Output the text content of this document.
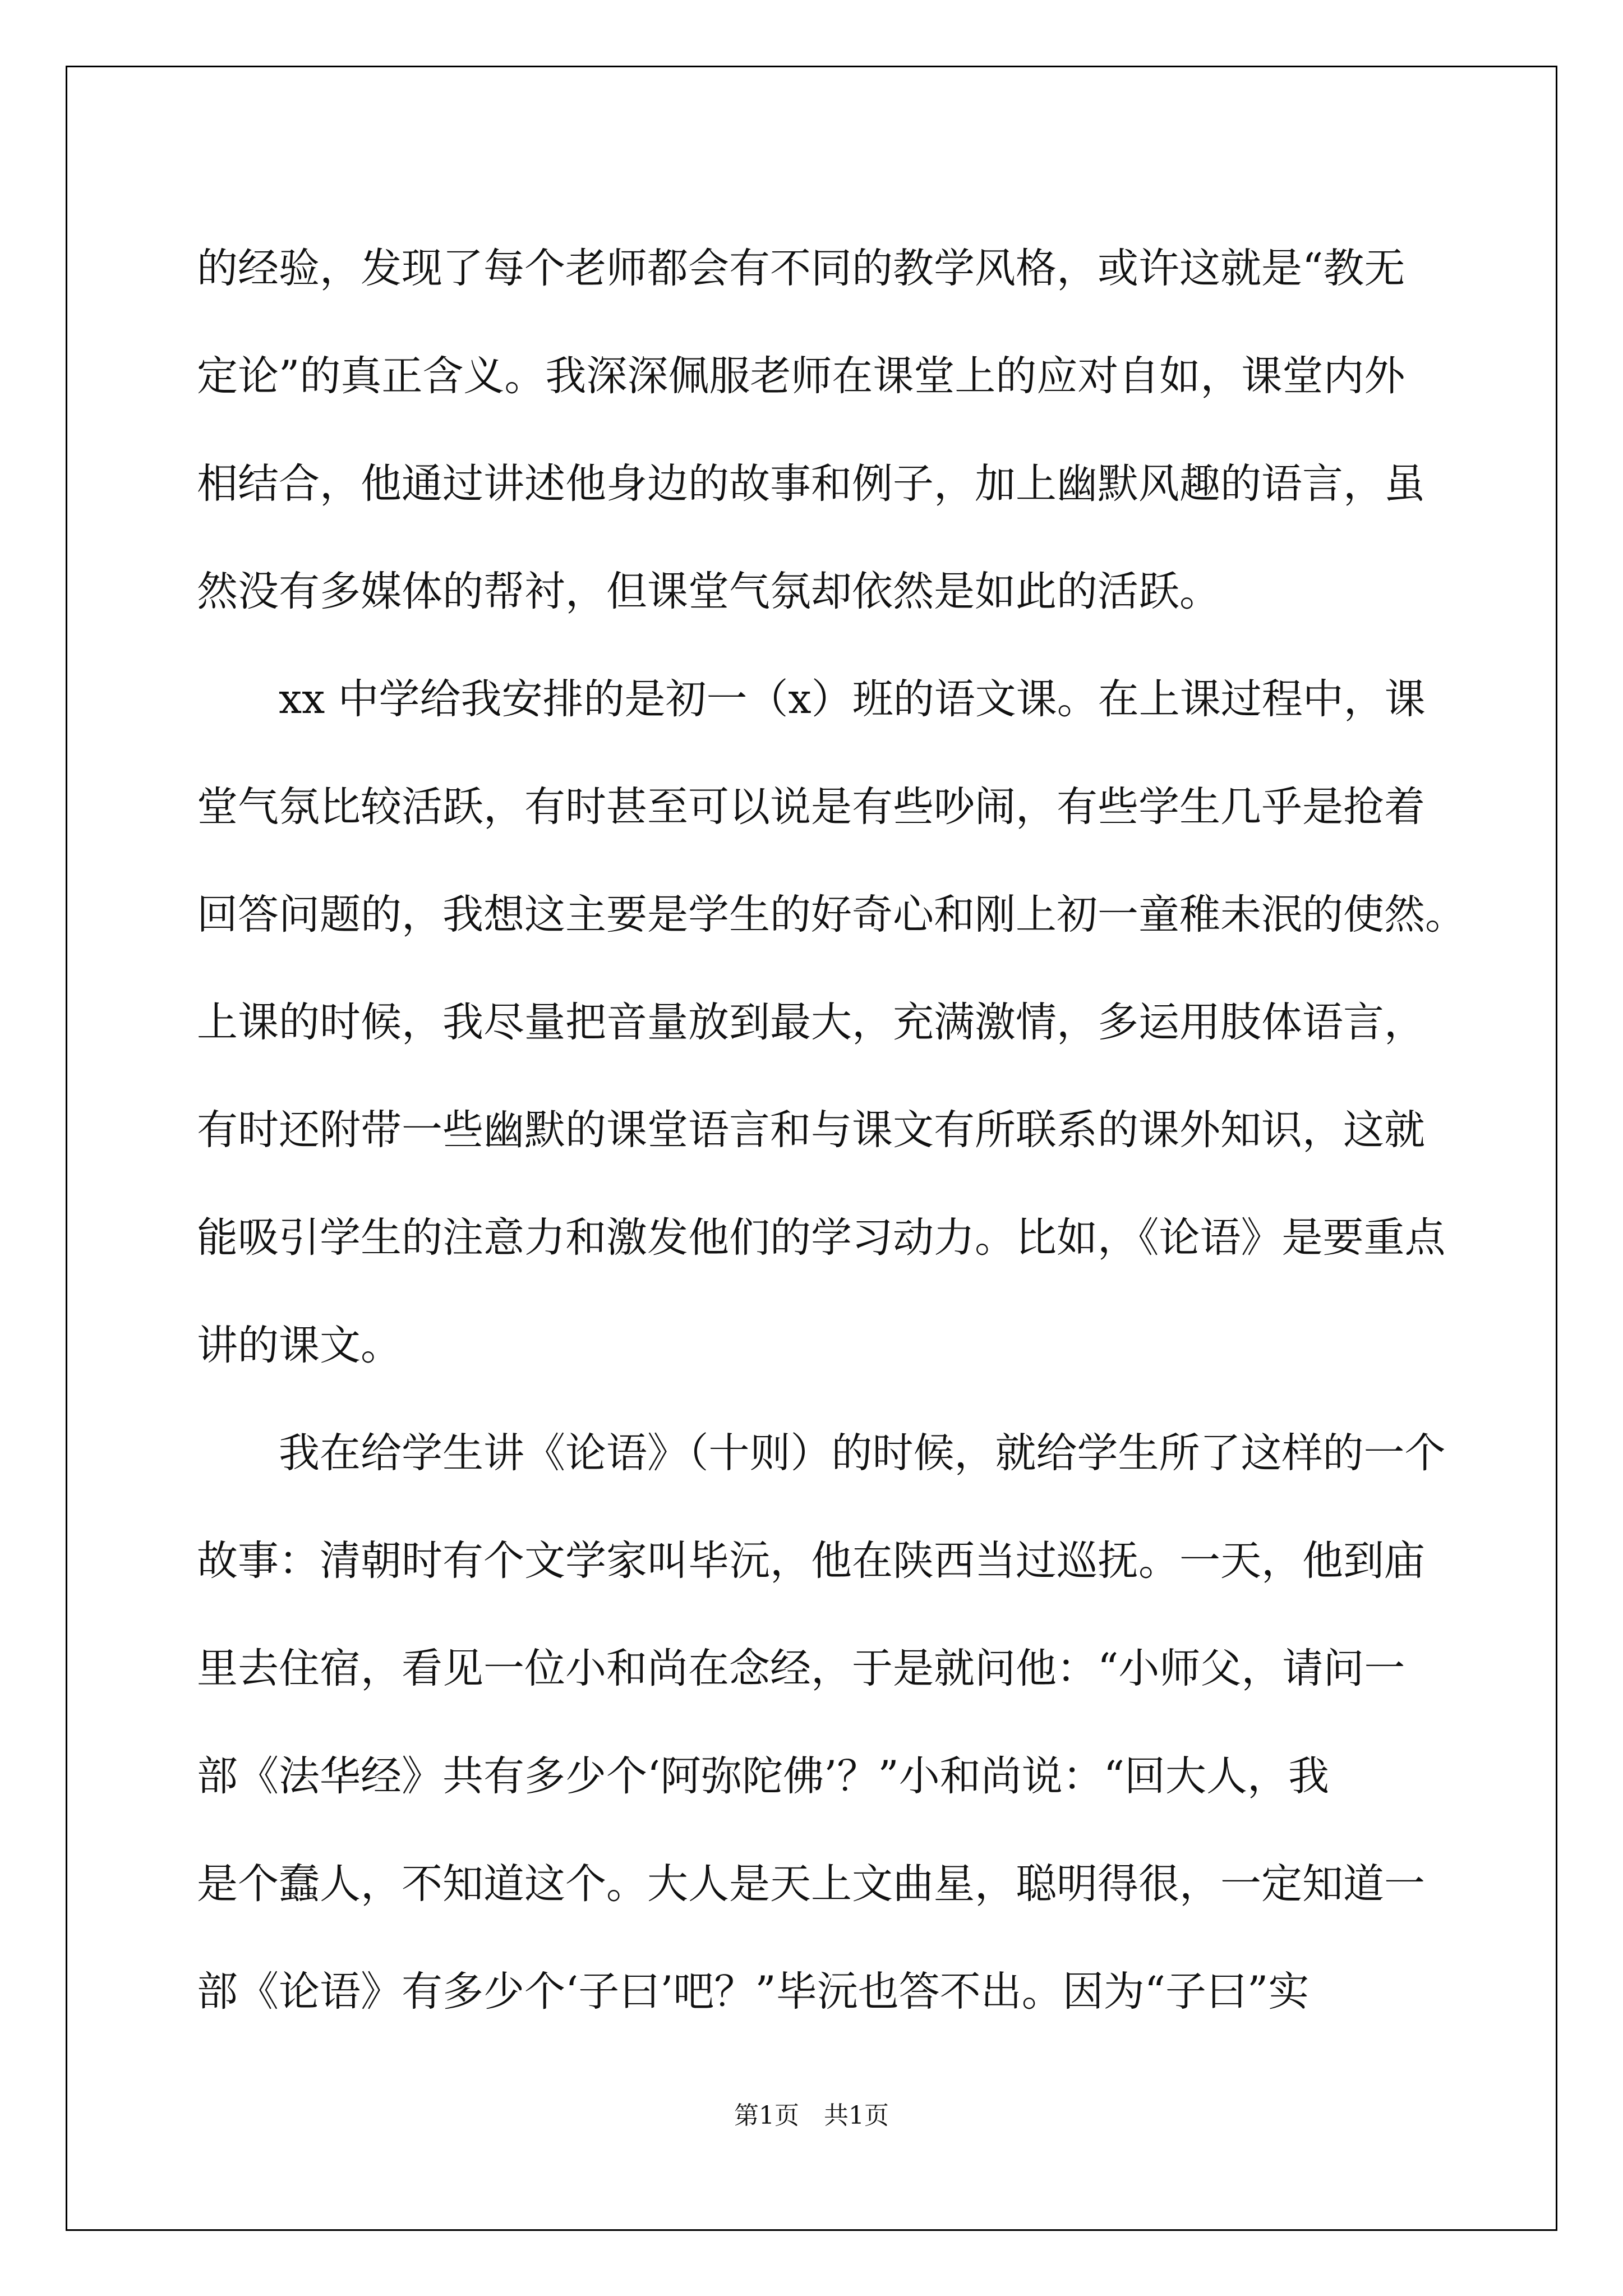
的经验，发现了每个老师都会有不同的教学风格，或许这就是“教无
定论”的真正含义。我深深佩服老师在课堂上的应对自如，课堂内外
相结合，他通过讲述他身边的故事和例子，加上幽默风趣的语言，虽
然没有多媒体的帮衬，但课堂气氛却依然是如此的活跃。
xx 中学给我安排的是初一（x）班的语文课。在上课过程中，课
堂气氛比较活跃，有时甚至可以说是有些吵闹，有些学生几乎是抢着
回答问题的，我想这主要是学生的好奇心和刚上初一童稚未泯的使然。
上课的时候，我尽量把音量放到最大，充满激情，多运用肢体语言，
有时还附带一些幽默的课堂语言和与课文有所联系的课外知识，这就
能吸引学生的注意力和激发他们的学习动力。比如，《论语》是要重点
讲的课文。
我在给学生讲《论语》（十则）的时候，就给学生所了这样的一个
故事：清朝时有个文学家叫毕沅，他在陕西当过巡抚。一天，他到庙
里去住宿，看见一位小和尚在念经，于是就问他：“小师父，请问一
部《法华经》共有多少个‘阿弥陀佛’？”小和尚说：“回大人，我
是个蠢人，不知道这个。大人是天上文曲星，聪明得很，一定知道一
部《论语》有多少个‘子曰’吧？”毕沅也答不出。因为“子曰”实
第1页　共1页
